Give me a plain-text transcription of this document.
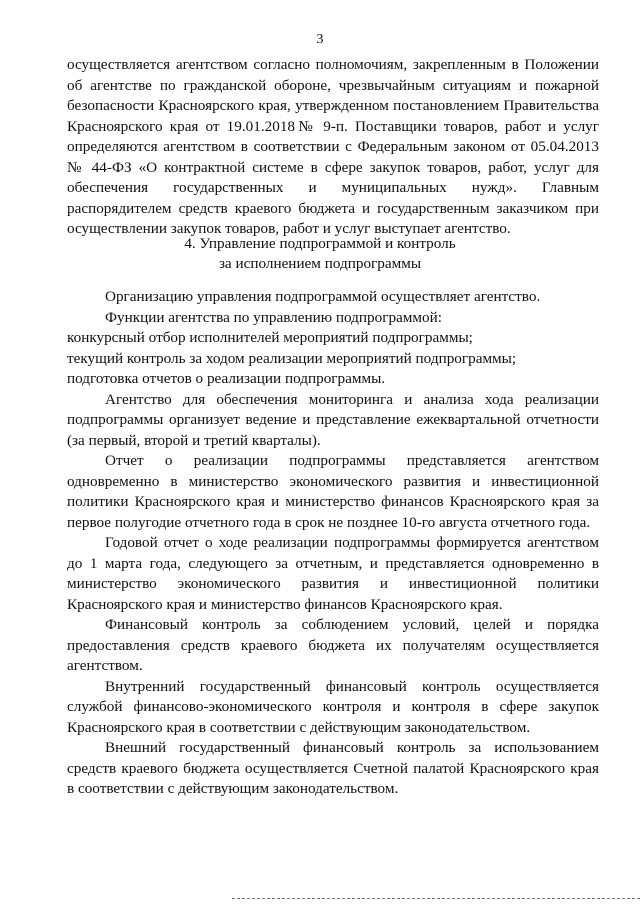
3

осуществляется агентством согласно полномочиям, закрепленным в Положении об агентстве по гражданской обороне, чрезвычайным ситуациям и пожарной безопасности Красноярского края, утвержденном постановлением Правительства Красноярского края от 19.01.2018№ 9-п. Поставщики товаров, работ и услуг определяются агентством в соответствии с Федеральным законом от 05.04.2013 № 44-ФЗ «О контрактной системе в сфере закупок товаров, работ, услуг для обеспечения государственных и муниципальных нужд». Главным распорядителем средств краевого бюджета и государственным заказчиком при осуществлении закупок товаров, работ и услуг выступает агентство.

4. Управление подпрограммой и контроль
за исполнением подпрограммы

Организацию управления подпрограммой осуществляет агентство.

Функции агентства по управлению подпрограммой:

конкурсный отбор исполнителей мероприятий подпрограммы;

текущий контроль за ходом реализации мероприятий подпрограммы;

подготовка отчетов о реализации подпрограммы.

Агентство для обеспечения мониторинга и анализа хода реализации подпрограммы организует ведение и представление ежеквартальной отчетности (за первый, второй и третий кварталы).

Отчет о реализации подпрограммы представляется агентством одновременно в министерство экономического развития и инвестиционной политики Красноярского края и министерство финансов Красноярского края за первое полугодие отчетного года в срок не позднее 10-го августа отчетного года.

Годовой отчет о ходе реализации подпрограммы формируется агентством до 1 марта года, следующего за отчетным, и представляется одновременно в министерство экономического развития и инвестиционной политики Красноярского края и министерство финансов Красноярского края.

Финансовый контроль за соблюдением условий, целей и порядка предоставления средств краевого бюджета их получателям осуществляется агентством.

Внутренний государственный финансовый контроль осуществляется службой финансово-экономического контроля и контроля в сфере закупок Красноярского края в соответствии с действующим законодательством.

Внешний государственный финансовый контроль за использованием средств краевого бюджета осуществляется Счетной палатой Красноярского края в соответствии с действующим законодательством.
